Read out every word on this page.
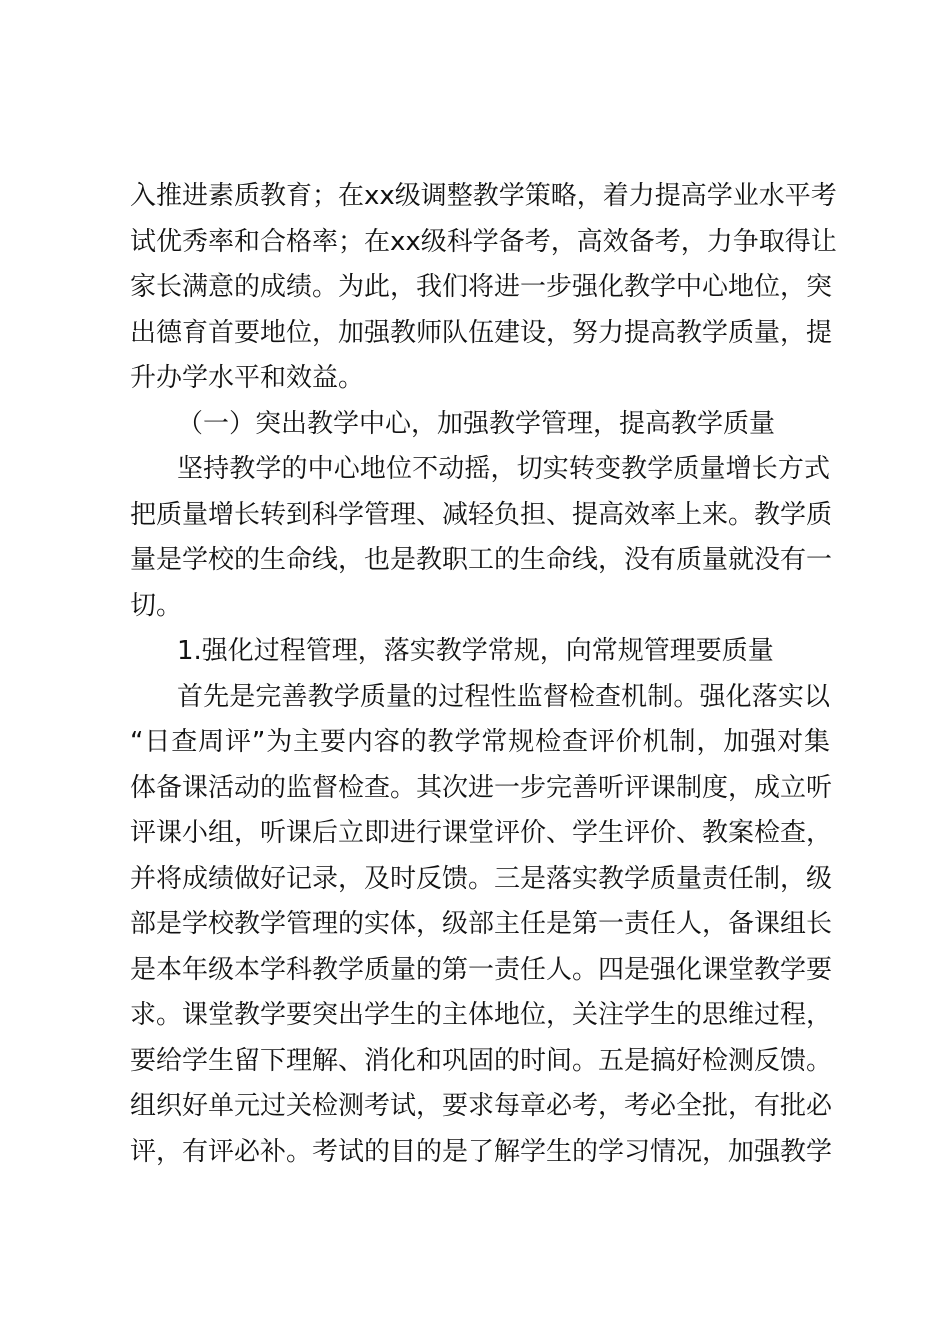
入推进素质教育；在xx级调整教学策略，着力提高学业水平考
试优秀率和合格率；在xx级科学备考，高效备考，力争取得让
家长满意的成绩。为此，我们将进一步强化教学中心地位，突
出德育首要地位，加强教师队伍建设，努力提高教学质量，提
升办学水平和效益。
（一）突出教学中心，加强教学管理，提高教学质量
坚持教学的中心地位不动摇，切实转变教学质量增长方式
把质量增长转到科学管理、减轻负担、提高效率上来。教学质
量是学校的生命线，也是教职工的生命线，没有质量就没有一
切。
1.强化过程管理，落实教学常规，向常规管理要质量
首先是完善教学质量的过程性监督检查机制。强化落实以
“日查周评”为主要内容的教学常规检查评价机制，加强对集
体备课活动的监督检查。其次进一步完善听评课制度，成立听
评课小组，听课后立即进行课堂评价、学生评价、教案检查，
并将成绩做好记录，及时反馈。三是落实教学质量责任制，级
部是学校教学管理的实体，级部主任是第一责任人，备课组长
是本年级本学科教学质量的第一责任人。四是强化课堂教学要
求。课堂教学要突出学生的主体地位，关注学生的思维过程，
要给学生留下理解、消化和巩固的时间。五是搞好检测反馈。
组织好单元过关检测考试，要求每章必考，考必全批，有批必
评，有评必补。考试的目的是了解学生的学习情况，加强教学
